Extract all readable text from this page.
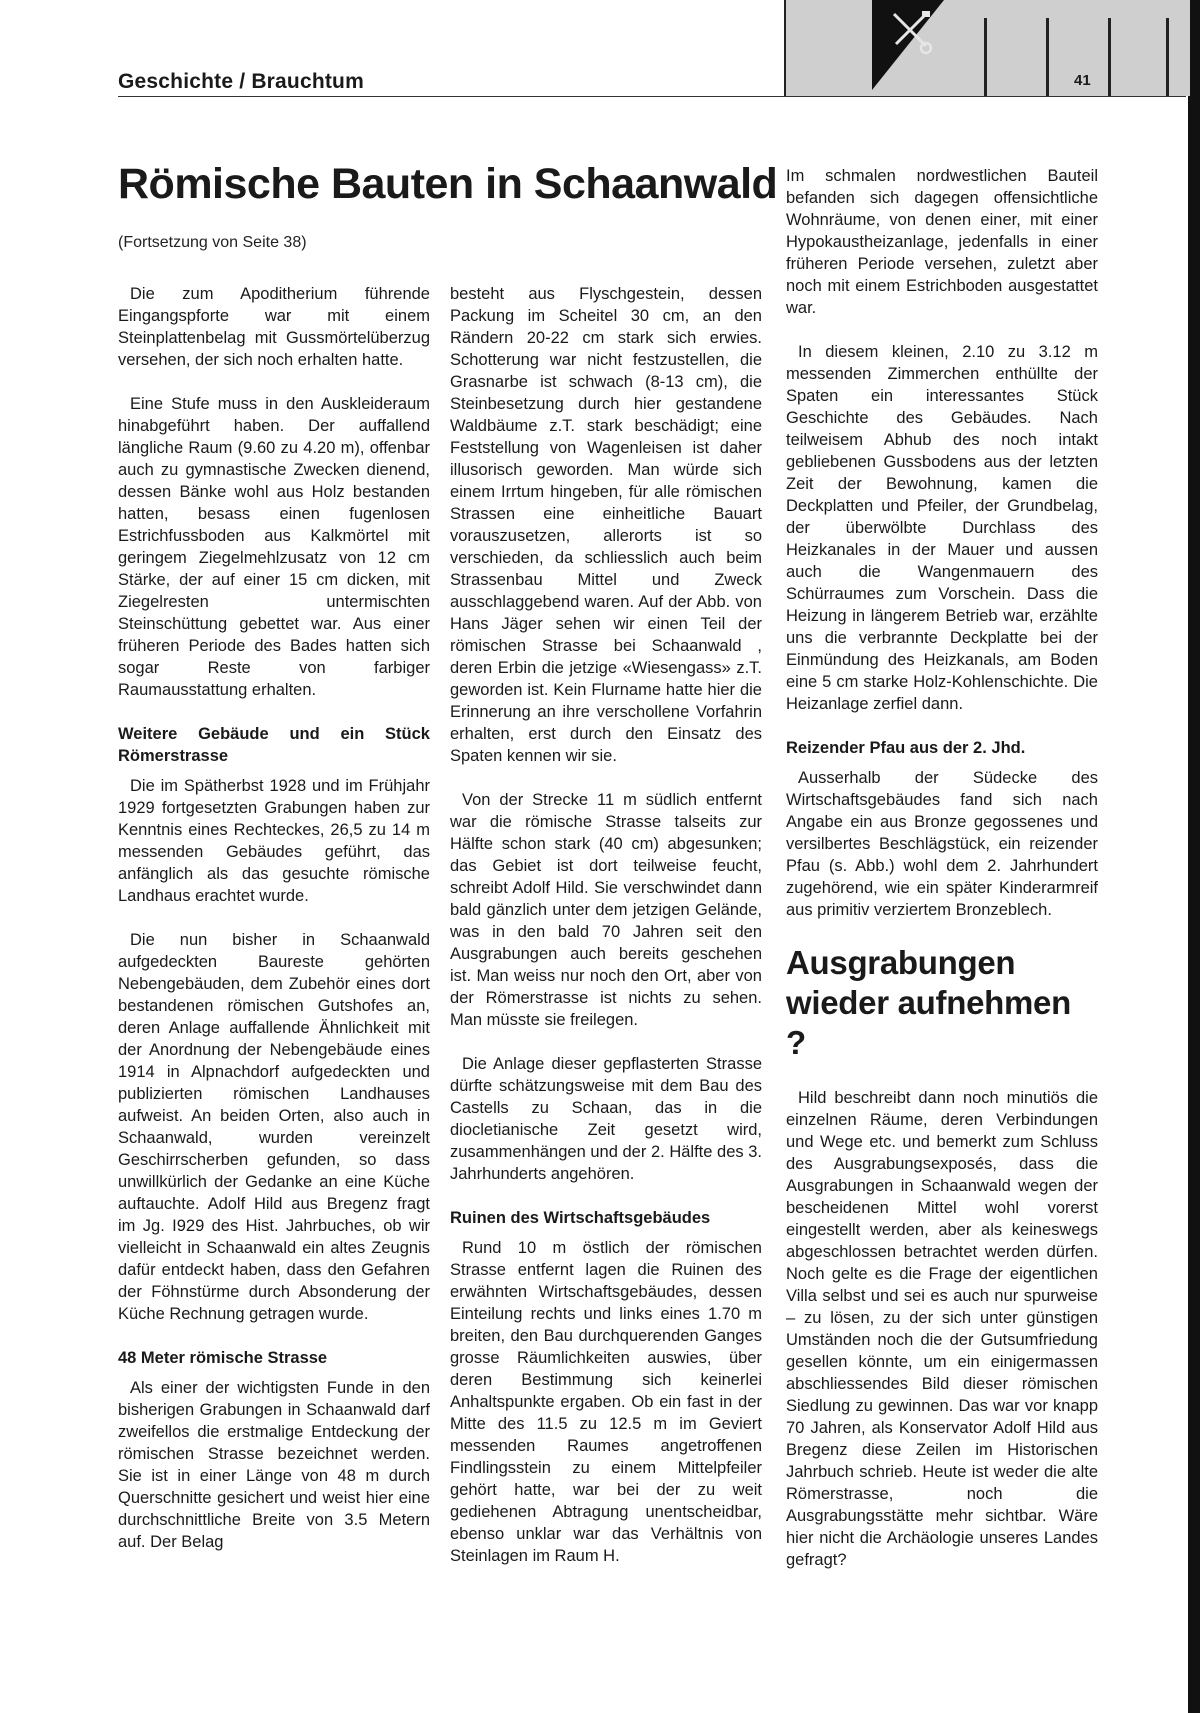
Geschichte / Brauchtum	41
Römische Bauten in Schaanwald

(Fortsetzung von Seite 38)

Die zum Apoditherium führende Eingangspforte war mit einem Steinplattenbelag mit Gussmörtelüberzug versehen, der sich noch erhalten hatte.

Eine Stufe muss in den Auskleideraum hinabgeführt haben. Der auffallend längliche Raum (9.60 zu 4.20 m), offenbar auch zu gymnastische Zwecken dienend, dessen Bänke wohl aus Holz bestanden hatten, besass einen fugenlosen Estrichfussboden aus Kalkmörtel mit geringem Ziegelmehlzusatz von 12 cm Stärke, der auf einer 15 cm dicken, mit Ziegelresten untermischten Steinschüttung gebettet war. Aus einer früheren Periode des Bades hatten sich sogar Reste von farbiger Raumausstattung erhalten.

Weitere Gebäude und ein Stück Römerstrasse

Die im Spätherbst 1928 und im Frühjahr 1929 fortgesetzten Grabungen haben zur Kenntnis eines Rechteckes, 26,5 zu 14 m messenden Gebäudes geführt, das anfänglich als das gesuchte römische Landhaus erachtet wurde.

Die nun bisher in Schaanwald aufgedeckten Baureste gehörten Nebengebäuden, dem Zubehör eines dort bestandenen römischen Gutshofes an, deren Anlage auffallende Ähnlichkeit mit der Anordnung der Nebengebäude eines 1914 in Alpnachdorf aufgedeckten und publizierten römischen Landhauses aufweist. An beiden Orten, also auch in Schaanwald, wurden vereinzelt Geschirrscherben gefunden, so dass unwillkürlich der Gedanke an eine Küche auftauchte. Adolf Hild aus Bregenz fragt im Jg. I929 des Hist. Jahrbuches, ob wir vielleicht in Schaanwald ein altes Zeugnis dafür entdeckt haben, dass den Gefahren der Föhnstürme durch Absonderung der Küche Rechnung getragen wurde.

48 Meter römische Strasse

Als einer der wichtigsten Funde in den bisherigen Grabungen in Schaanwald darf zweifellos die erstmalige Entdeckung der römischen Strasse bezeichnet werden. Sie ist in einer Länge von 48 m durch Querschnitte gesichert und weist hier eine durchschnittliche Breite von 3.5 Metern auf. Der Belag

besteht aus Flyschgestein, dessen Packung im Scheitel 30 cm, an den Rändern 20-22 cm stark sich erwies. Schotterung war nicht festzustellen, die Grasnarbe ist schwach (8-13 cm), die Steinbesetzung durch hier gestandene Waldbäume z.T. stark beschädigt; eine Feststellung von Wagenleisen ist daher illusorisch geworden. Man würde sich einem Irrtum hingeben, für alle römischen Strassen eine einheitliche Bauart vorauszusetzen, allerorts ist so verschieden, da schliesslich auch beim Strassenbau Mittel und Zweck ausschlaggebend waren. Auf der Abb. von Hans Jäger sehen wir einen Teil der römischen Strasse bei Schaanwald , deren Erbin die jetzige «Wiesengass» z.T. geworden ist. Kein Flurname hatte hier die Erinnerung an ihre verschollene Vorfahrin erhalten, erst durch den Einsatz des Spaten kennen wir sie.

Von der Strecke 11 m südlich entfernt war die römische Strasse talseits zur Hälfte schon stark (40 cm) abgesunken; das Gebiet ist dort teilweise feucht, schreibt Adolf Hild. Sie verschwindet dann bald gänzlich unter dem jetzigen Gelände, was in den bald 70 Jahren seit den Ausgrabungen auch bereits geschehen ist. Man weiss nur noch den Ort, aber von der Römerstrasse ist nichts zu sehen. Man müsste sie freilegen.

Die Anlage dieser gepflasterten Strasse dürfte schätzungsweise mit dem Bau des Castells zu Schaan, das in die diocletianische Zeit gesetzt wird, zusammenhängen und der 2. Hälfte des 3. Jahrhunderts angehören.

Ruinen des Wirtschaftsgebäudes

Rund 10 m östlich der römischen Strasse entfernt lagen die Ruinen des erwähnten Wirtschaftsgebäudes, dessen Einteilung rechts und links eines 1.70 m breiten, den Bau durchquerenden Ganges grosse Räumlichkeiten auswies, über deren Bestimmung sich keinerlei Anhaltspunkte ergaben. Ob ein fast in der Mitte des 11.5 zu 12.5 m im Geviert messenden Raumes angetroffenen Findlingsstein zu einem Mittelpfeiler gehört hatte, war bei der zu weit gediehenen Abtragung unentscheidbar, ebenso unklar war das Verhältnis von Steinlagen im Raum H.

Im schmalen nordwestlichen Bauteil befanden sich dagegen offensichtliche Wohnräume, von denen einer, mit einer Hypokaustheizanlage, jedenfalls in einer früheren Periode versehen, zuletzt aber noch mit einem Estrichboden ausgestattet war.

In diesem kleinen, 2.10 zu 3.12 m messenden Zimmerchen enthüllte der Spaten ein interessantes Stück Geschichte des Gebäudes. Nach teilweisem Abhub des noch intakt gebliebenen Gussbodens aus der letzten Zeit der Bewohnung, kamen die Deckplatten und Pfeiler, der Grundbelag, der überwölbte Durchlass des Heizkanales in der Mauer und aussen auch die Wangenmauern des Schürraumes zum Vorschein. Dass die Heizung in längerem Betrieb war, erzählte uns die verbrannte Deckplatte bei der Einmündung des Heizkanals, am Boden eine 5 cm starke Holz-Kohlenschichte. Die Heizanlage zerfiel dann.

Reizender Pfau aus der 2. Jhd.

Ausserhalb der Südecke des Wirtschaftsgebäudes fand sich nach Angabe ein aus Bronze gegossenes und versilbertes Beschlägstück, ein reizender Pfau (s. Abb.) wohl dem 2. Jahrhundert zugehörend, wie ein später Kinderarmreif aus primitiv verziertem Bronzeblech.

Ausgrabungen wieder aufnehmen ?

Hild beschreibt dann noch minutiös die einzelnen Räume, deren Verbindungen und Wege etc. und bemerkt zum Schluss des Ausgrabungsexposés, dass die Ausgrabungen in Schaanwald wegen der bescheidenen Mittel wohl vorerst eingestellt werden, aber als keineswegs abgeschlossen betrachtet werden dürfen. Noch gelte es die Frage der eigentlichen Villa selbst und sei es auch nur spurweise – zu lösen, zu der sich unter günstigen Umständen noch die der Gutsumfriedung gesellen könnte, um ein einigermassen abschliessendes Bild dieser römischen Siedlung zu gewinnen. Das war vor knapp 70 Jahren, als Konservator Adolf Hild aus Bregenz diese Zeilen im Historischen Jahrbuch schrieb. Heute ist weder die alte Römerstrasse, noch die Ausgrabungsstätte mehr sichtbar. Wäre hier nicht die Archäologie unseres Landes gefragt?
